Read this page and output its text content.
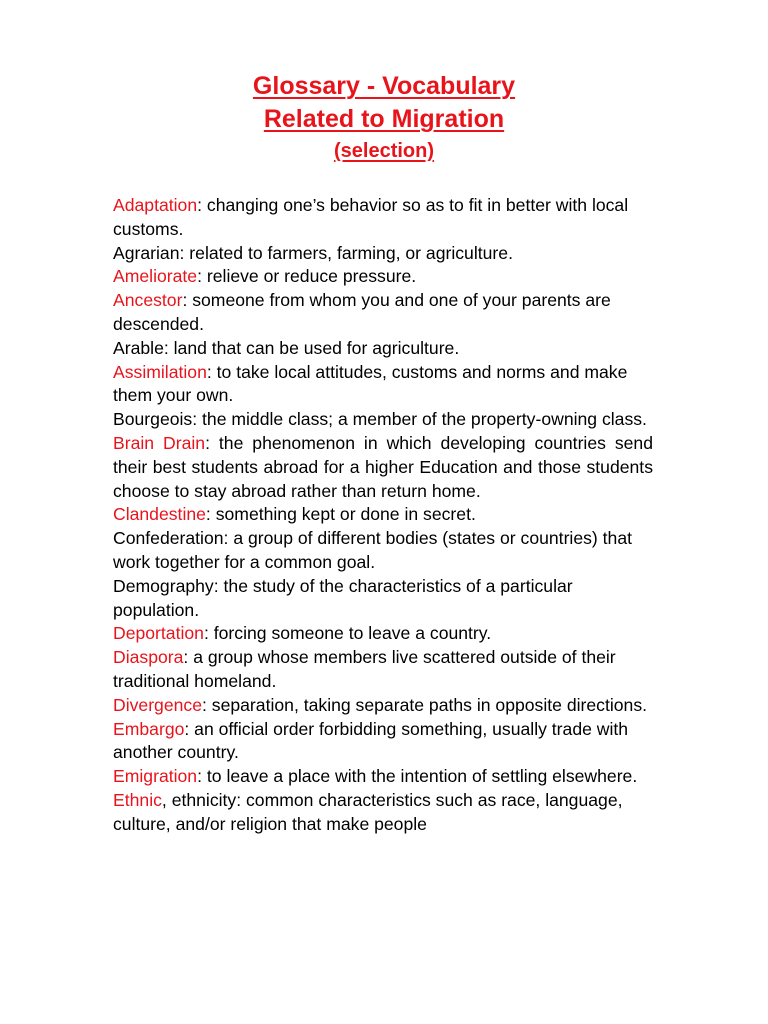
Glossary - Vocabulary
Related to Migration
(selection)

Adaptation: changing one’s behavior so as to fit in better with local customs.

Agrarian: related to farmers, farming, or agriculture.

Ameliorate: relieve or reduce pressure.

Ancestor: someone from whom you and one of your parents are descended.

Arable: land that can be used for agriculture.

Assimilation: to take local attitudes, customs and norms and make them your own.

Bourgeois: the middle class; a member of the property-owning class.

Brain Drain: the phenomenon in which developing countries send their best students abroad for a higher Education and those students choose to stay abroad rather than return home.

Clandestine: something kept or done in secret.

Confederation: a group of different bodies (states or countries) that work together for a common goal.

Demography: the study of the characteristics of a particular population.

Deportation: forcing someone to leave a country.

Diaspora: a group whose members live scattered outside of their traditional homeland.

Divergence: separation, taking separate paths in opposite directions.

Embargo: an official order forbidding something, usually trade with another country.

Emigration: to leave a place with the intention of settling elsewhere.

Ethnic, ethnicity: common characteristics such as race, language, culture, and/or religion that make people
